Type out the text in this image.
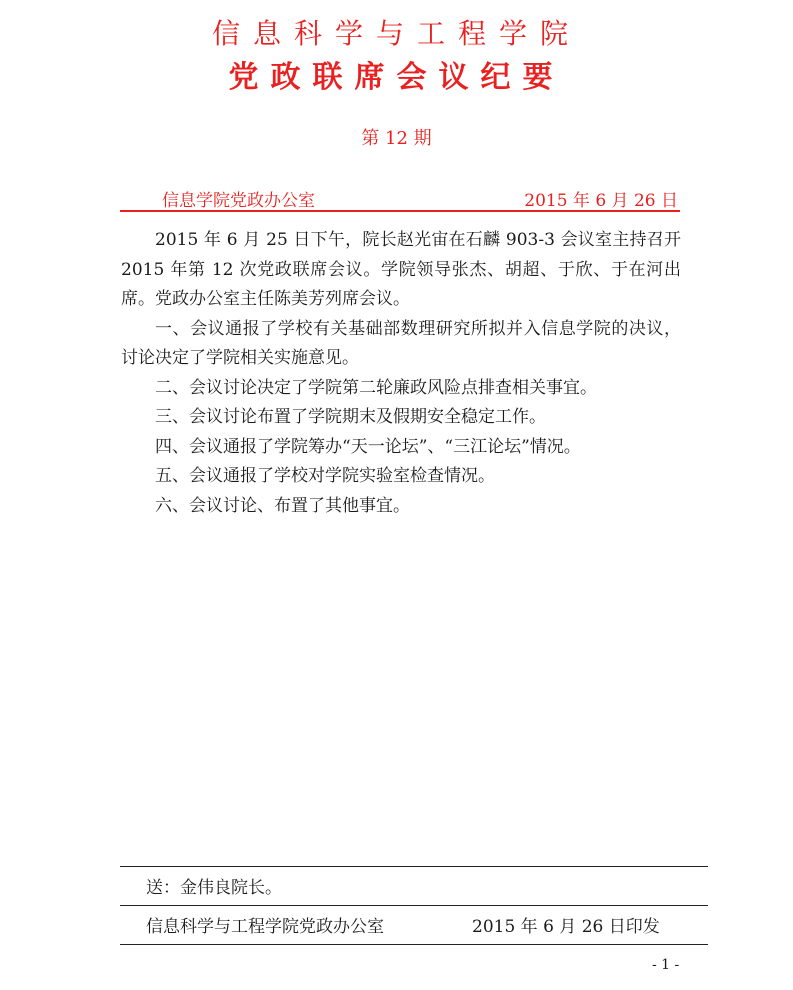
信息科学与工程学院
党政联席会议纪要
第 12 期
信息学院党政办公室	2015 年 6 月 26 日

2015 年 6 月 25 日下午，院长赵光宙在石麟 903-3 会议室主持召开 2015 年第 12 次党政联席会议。学院领导张杰、胡超、于欣、于在河出席。党政办公室主任陈美芳列席会议。

一、会议通报了学校有关基础部数理研究所拟并入信息学院的决议，讨论决定了学院相关实施意见。

二、会议讨论决定了学院第二轮廉政风险点排查相关事宜。

三、会议讨论布置了学院期末及假期安全稳定工作。

四、会议通报了学院筹办“天一论坛”、“三江论坛”情况。

五、会议通报了学校对学院实验室检查情况。

六、会议讨论、布置了其他事宜。

送：金伟良院长。
信息科学与工程学院党政办公室	2015 年 6 月 26 日印发
- 1 -
